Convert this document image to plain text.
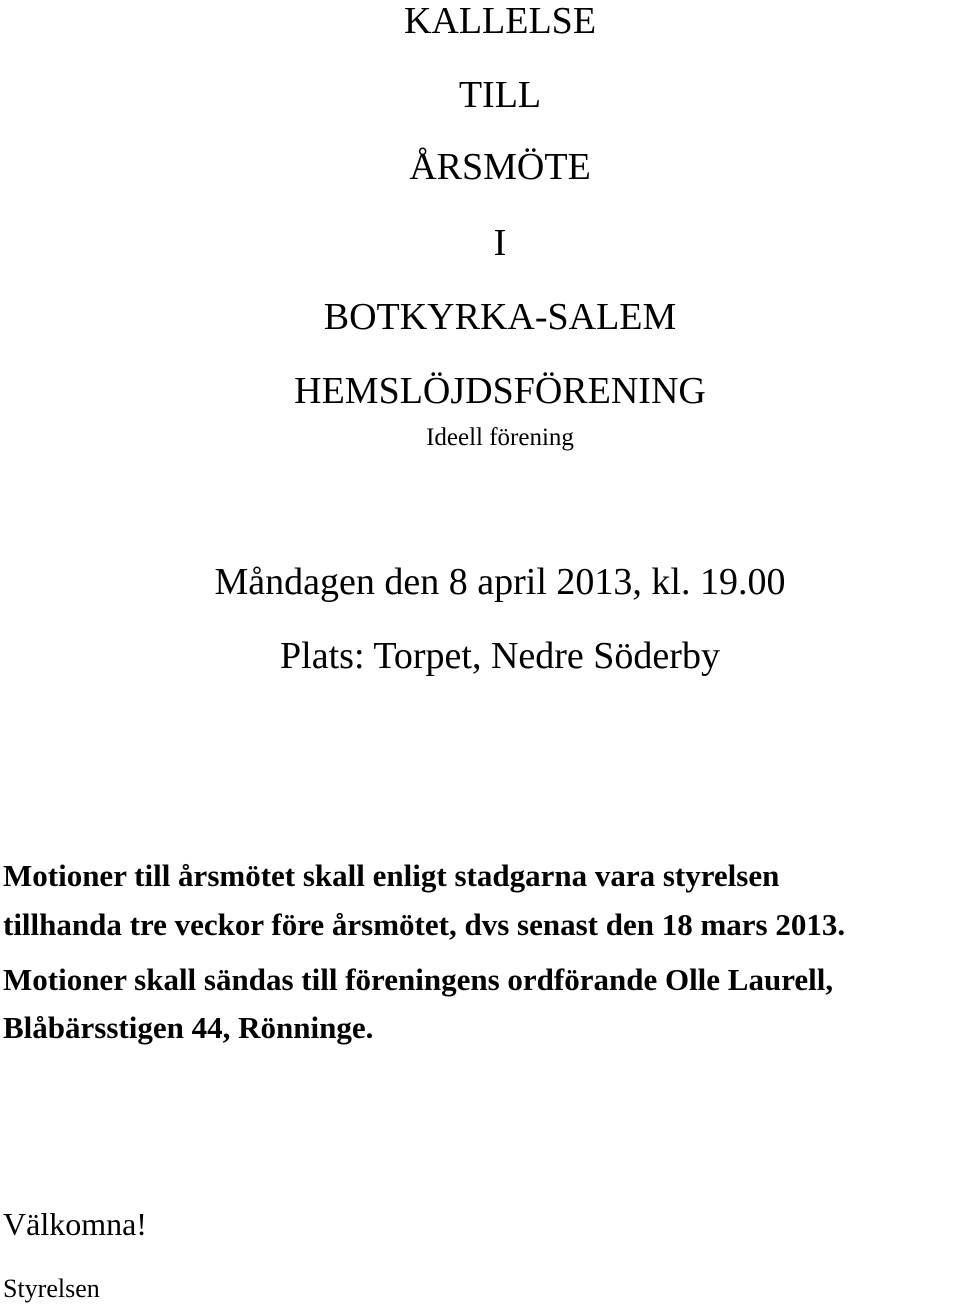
KALLELSE
TILL
ÅRSMÖTE
I
BOTKYRKA-SALEM
HEMSLÖJDSFÖRENING
Ideell förening
Måndagen den 8 april 2013, kl. 19.00
Plats: Torpet, Nedre Söderby
Motioner till årsmötet skall enligt stadgarna vara styrelsen
tillhanda tre veckor före årsmötet, dvs senast den 18 mars 2013.
Motioner skall sändas till föreningens ordförande Olle Laurell,
Blåbärsstigen 44, Rönninge.
Välkomna!
Styrelsen
